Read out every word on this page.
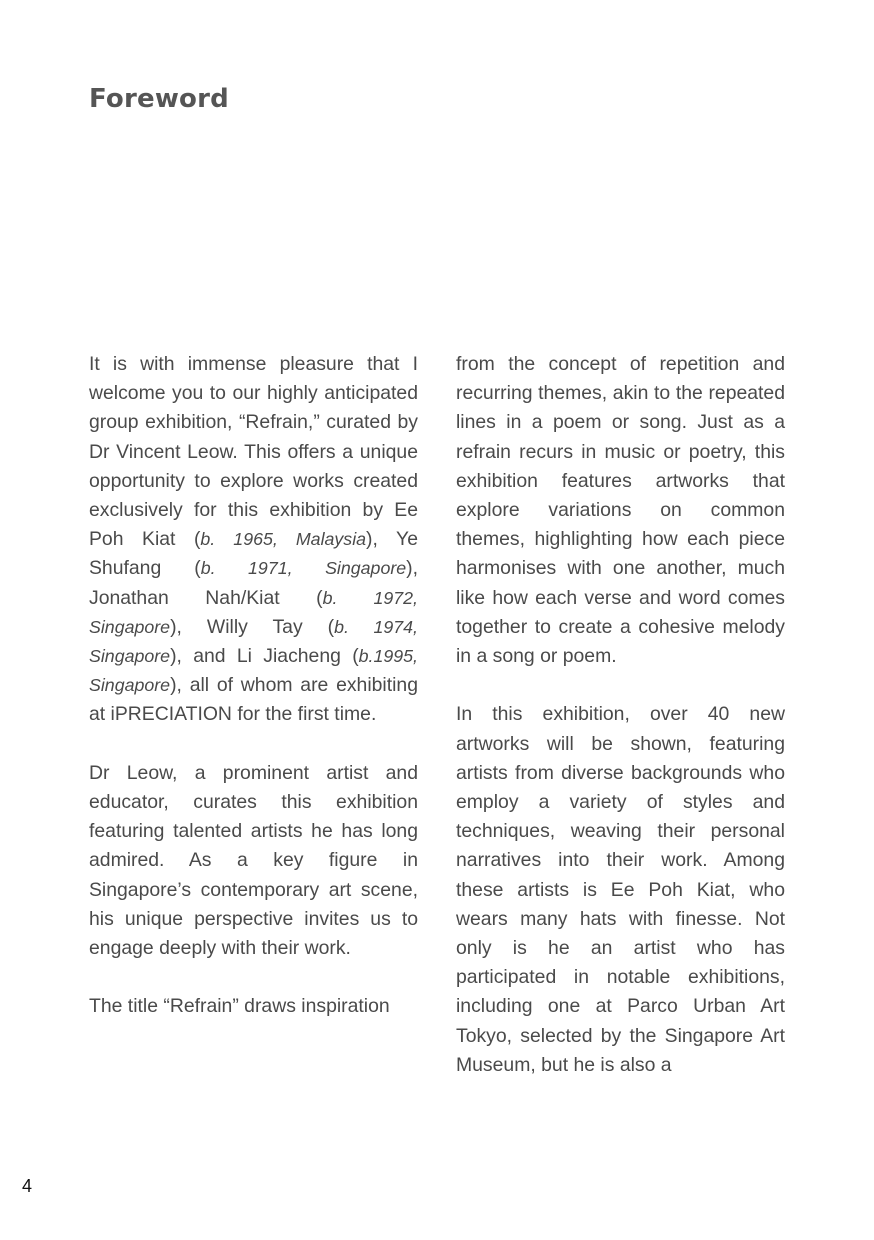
Foreword

It is with immense pleasure that I welcome you to our highly anticipated group exhibition, “Refrain,” curated by Dr Vincent Leow. This offers a unique opportunity to explore works created exclusively for this exhibition by Ee Poh Kiat (b. 1965, Malaysia), Ye Shufang (b. 1971, Singapore), Jonathan Nah/Kiat (b. 1972, Singapore), Willy Tay (b. 1974, Singapore), and Li Jiacheng (b.1995, Singapore), all of whom are exhibiting at iPRECIATION for the first time.

Dr Leow, a prominent artist and educator, curates this exhibition featuring talented artists he has long admired. As a key figure in Singapore’s contemporary art scene, his unique perspective invites us to engage deeply with their work.

The title “Refrain” draws inspiration

from the concept of repetition and recurring themes, akin to the repeated lines in a poem or song. Just as a refrain recurs in music or poetry, this exhibition features artworks that explore variations on common themes, highlighting how each piece harmonises with one another, much like how each verse and word comes together to create a cohesive melody in a song or poem.

In this exhibition, over 40 new artworks will be shown, featuring artists from diverse backgrounds who employ a variety of styles and techniques, weaving their personal narratives into their work. Among these artists is Ee Poh Kiat, who wears many hats with finesse. Not only is he an artist who has participated in notable exhibitions, including one at Parco Urban Art Tokyo, selected by the Singapore Art Museum, but he is also a

4
